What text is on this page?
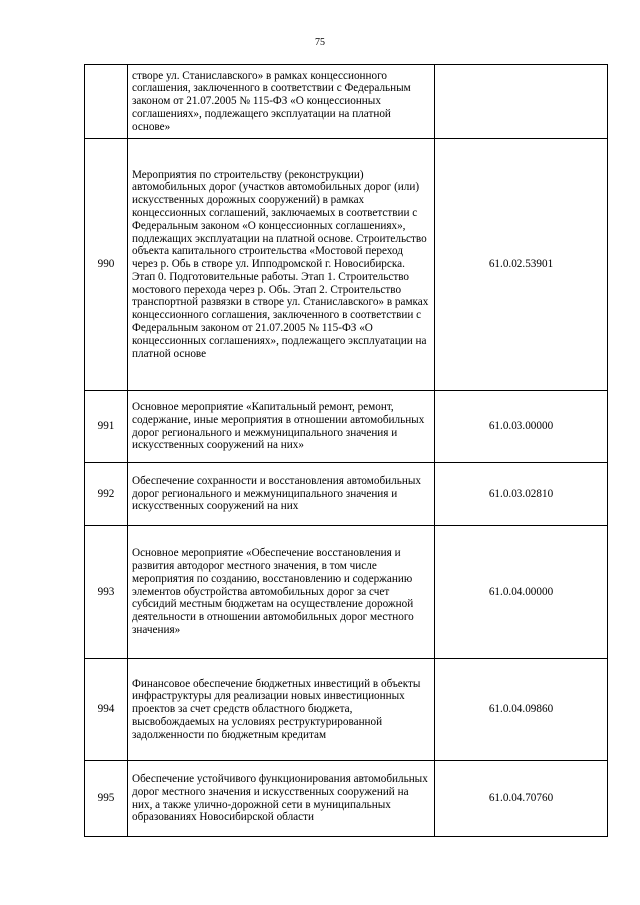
75
	створе ул. Станиславского» в рамках концессионного соглашения, заключенного в соответствии с Федеральным законом от 21.07.2005 № 115-ФЗ «О концессионных соглашениях», подлежащего эксплуатации на платной основе»	
990	Мероприятия по строительству (реконструкции) автомобильных дорог (участков автомобильных дорог (или) искусственных дорожных сооружений) в рамках концессионных соглашений, заключаемых в соответствии с Федеральным законом «О концессионных соглашениях», подлежащих эксплуатации на платной основе. Строительство объекта капитального строительства «Мостовой переход через р. Обь в створе ул. Ипподромской г. Новосибирска. Этап 0. Подготовительные работы. Этап 1. Строительство мостового перехода через р. Обь. Этап 2. Строительство транспортной развязки в створе ул. Станиславского» в рамках концессионного соглашения, заключенного в соответствии с Федеральным законом от 21.07.2005 № 115-ФЗ «О концессионных соглашениях», подлежащего эксплуатации на платной основе	61.0.02.53901
991	Основное мероприятие «Капитальный ремонт, ремонт, содержание, иные мероприятия в отношении автомобильных дорог регионального и межмуниципального значения и искусственных сооружений на них»	61.0.03.00000
992	Обеспечение сохранности и восстановления автомобильных дорог регионального и межмуниципального значения и искусственных сооружений на них	61.0.03.02810
993	Основное мероприятие «Обеспечение восстановления и развития автодорог местного значения, в том числе мероприятия по созданию, восстановлению и содержанию элементов обустройства автомобильных дорог за счет субсидий местным бюджетам на осуществление дорожной деятельности в отношении автомобильных дорог местного значения»	61.0.04.00000
994	Финансовое обеспечение бюджетных инвестиций в объекты инфраструктуры для реализации новых инвестиционных проектов за счет средств областного бюджета, высвобождаемых на условиях реструктурированной задолженности по бюджетным кредитам	61.0.04.09860
995	Обеспечение устойчивого функционирования автомобильных дорог местного значения и искусственных сооружений на них, а также улично-дорожной сети в муниципальных образованиях Новосибирской области	61.0.04.70760
